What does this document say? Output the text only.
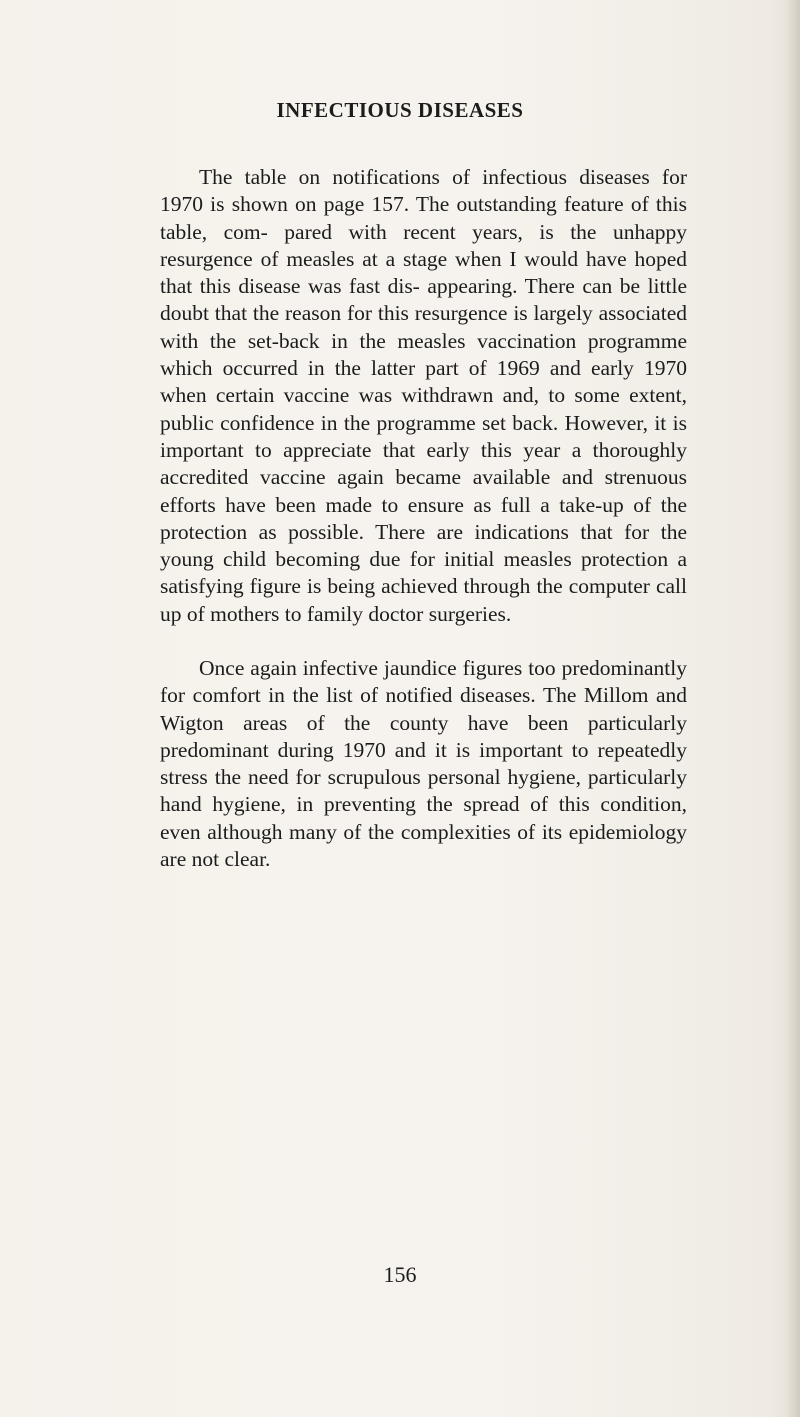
INFECTIOUS DISEASES

The table on notifications of infectious diseases for 1970 is shown on page 157. The outstanding feature of this table, com- pared with recent years, is the unhappy resurgence of measles at a stage when I would have hoped that this disease was fast dis- appearing. There can be little doubt that the reason for this resurgence is largely associated with the set-back in the measles vaccination programme which occurred in the latter part of 1969 and early 1970 when certain vaccine was withdrawn and, to some extent, public confidence in the programme set back. However, it is important to appreciate that early this year a thoroughly accredited vaccine again became available and strenuous efforts have been made to ensure as full a take-up of the protection as possible. There are indications that for the young child becoming due for initial measles protection a satisfying figure is being achieved through the computer call up of mothers to family doctor surgeries.

Once again infective jaundice figures too predominantly for comfort in the list of notified diseases. The Millom and Wigton areas of the county have been particularly predominant during 1970 and it is important to repeatedly stress the need for scrupulous personal hygiene, particularly hand hygiene, in preventing the spread of this condition, even although many of the complexities of its epidemiology are not clear.

156
